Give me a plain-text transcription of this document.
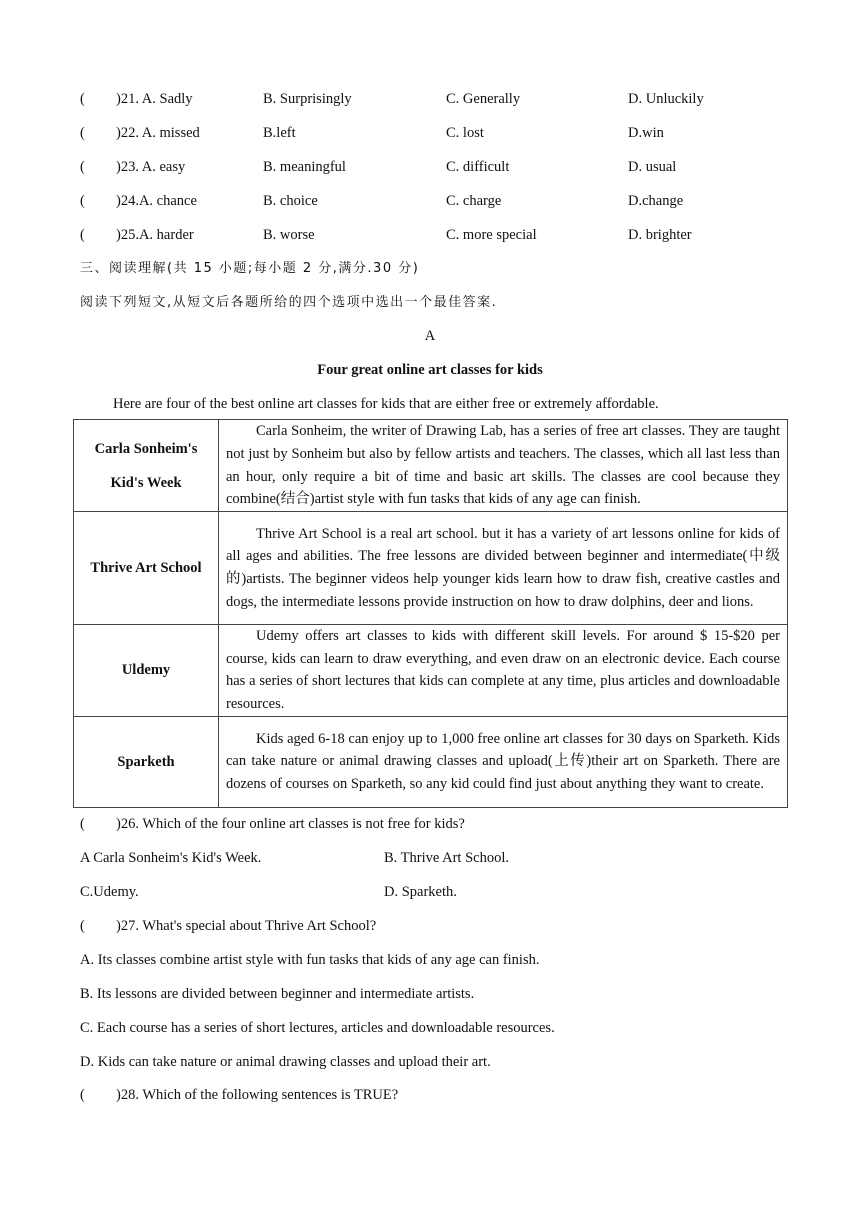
( )21. A. Sadly	B. Surprisingly	C. Generally	D. Unluckily
( )22. A. missed	B.left	C. lost	D.win
( )23. A. easy	B. meaningful	C. difficult	D. usual
( )24.A. chance	B. choice	C. charge	D.change
( )25.A. harder	B. worse	C. more special	D. brighter
三、阅读理解(共 15 小题;每小题 2 分,满分.30 分)
阅读下列短文,从短文后各题所给的四个选项中选出一个最佳答案.
A
Four great online art classes for kids
Here are four of the best online art classes for kids that are either free or extremely affordable.
Carla Sonheim's
Kid's Week	Carla Sonheim, the writer of Drawing Lab, has a series of free art classes. They are taught not just by Sonheim but also by fellow artists and teachers. The classes, which all last less than an hour, only require a bit of time and basic art skills. The classes are cool because they combine(结合)artist style with fun tasks that kids of any age can finish.

Thrive Art School	Thrive Art School is a real art school. but it has a variety of art lessons online for kids of all ages and abilities. The free lessons are divided between beginner and intermediate(中级的)artists. The beginner videos help younger kids learn how to draw fish, creative castles and dogs, the intermediate lessons provide instruction on how to draw dolphins, deer and lions.

Uldemy	Udemy offers art classes to kids with different skill levels. For around $ 15-$20 per course, kids can learn to draw everything, and even draw on an electronic device. Each course has a series of short lectures that kids can complete at any time, plus articles and downloadable resources.

Sparketh	Kids aged 6-18 can enjoy up to 1,000 free online art classes for 30 days on Sparketh. Kids can take nature or animal drawing classes and upload(上传)their art on Sparketh. There are dozens of courses on Sparketh, so any kid could find just about anything they want to create.
( )26. Which of the four online art classes is not free for kids?
A Carla Sonheim's Kid's Week.	B. Thrive Art School.
C.Udemy.	D. Sparketh.
( )27. What's special about Thrive Art School?
A. Its classes combine artist style with fun tasks that kids of any age can finish.
B. Its lessons are divided between beginner and intermediate artists.
C. Each course has a series of short lectures, articles and downloadable resources.
D. Kids can take nature or animal drawing classes and upload their art.
( )28. Which of the following sentences is TRUE?
